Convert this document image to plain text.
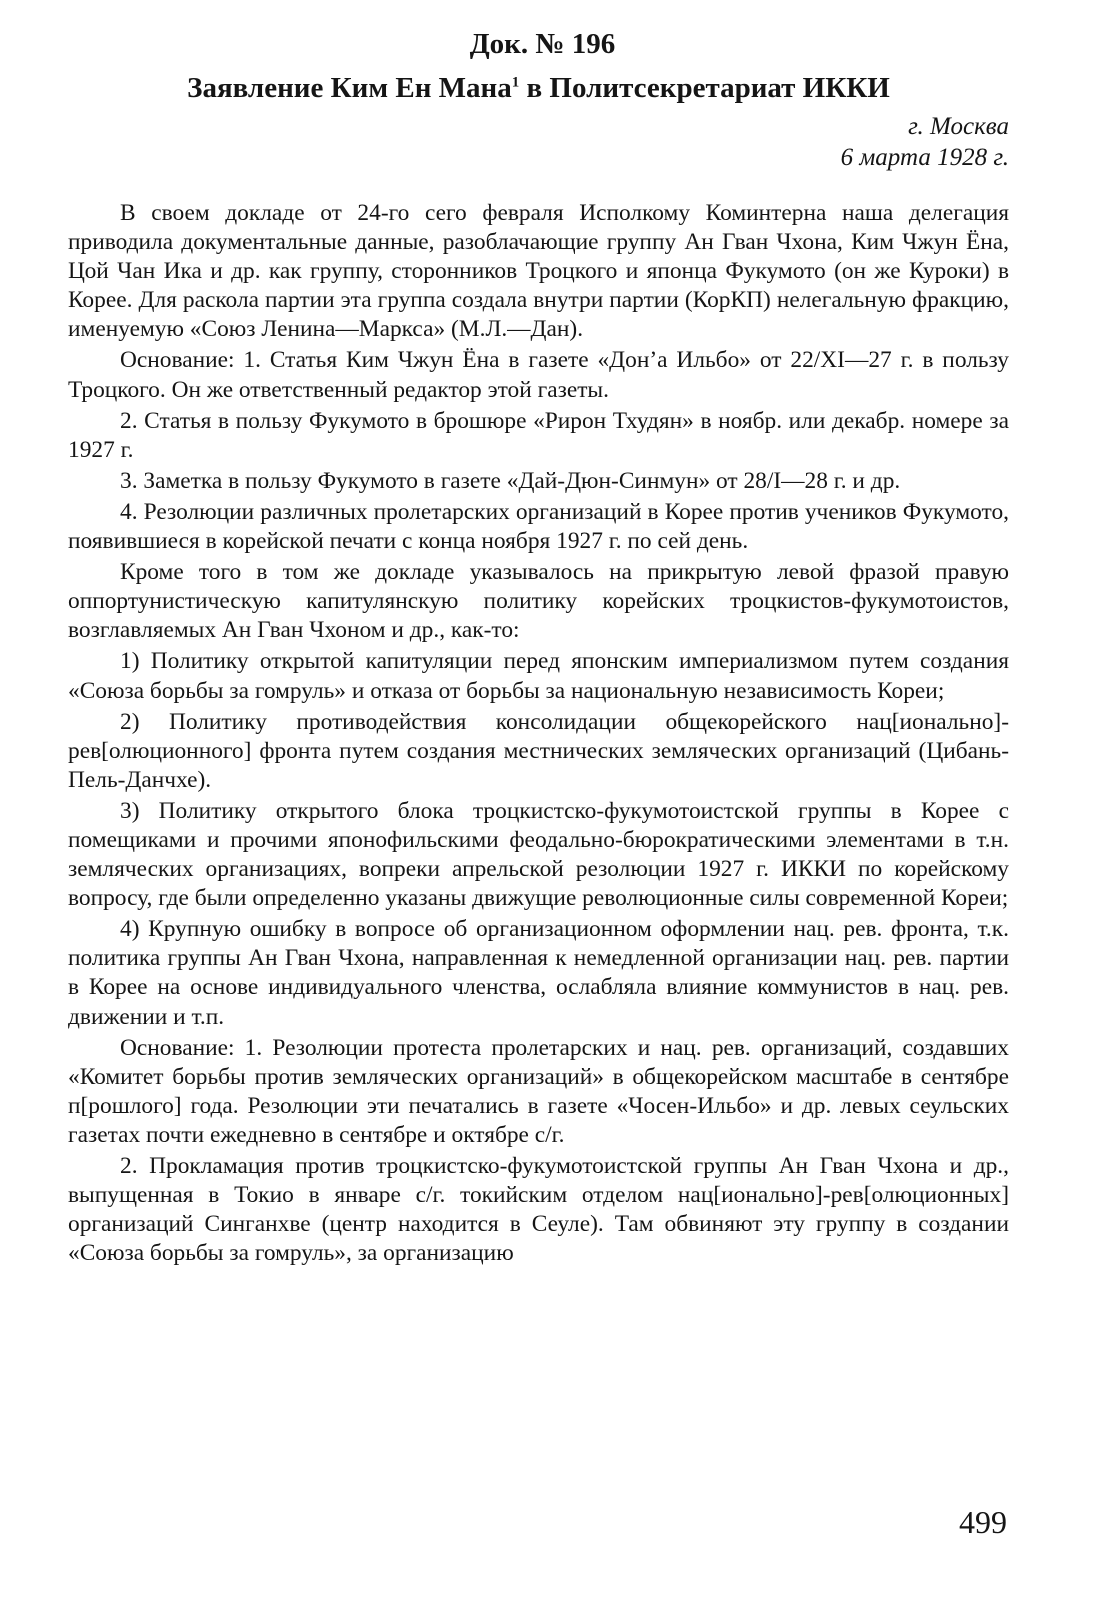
Док. № 196
Заявление Ким Ен Мана$^1$ в Политсекретариат ИККИ
г. Москва
6 марта 1928 г.

В своем докладе от 24-го сего февраля Исполкому Коминтерна наша делегация приводила документальные данные, разоблачающие группу Ан Гван Чхона, Ким Чжун Ёна, Цой Чан Ика и др. как группу, сторонников Троцкого и японца Фукумото (он же Куроки) в Корее. Для раскола партии эта группа создала внутри партии (КорКП) нелегальную фракцию, именуемую «Союз Ленина—Маркса» (М.Л.—Дан).

Основание: 1. Статья Ким Чжун Ёна в газете «Дон’а Ильбо» от 22/XI—27 г. в пользу Троцкого. Он же ответственный редактор этой газеты.

2. Статья в пользу Фукумото в брошюре «Рирон Тхудян» в ноябр. или декабр. номере за 1927 г.

3. Заметка в пользу Фукумото в газете «Дай-Дюн-Синмун» от 28/I—28 г. и др.

4. Резолюции различных пролетарских организаций в Корее против учеников Фукумото, появившиеся в корейской печати с конца ноября 1927 г. по сей день.

Кроме того в том же докладе указывалось на прикрытую левой фразой правую оппортунистическую капитулянскую политику корейских троцкистов-фукумотоистов, возглавляемых Ан Гван Чхоном и др., как-то:

1) Политику открытой капитуляции перед японским империализмом путем создания «Союза борьбы за гомруль» и отказа от борьбы за национальную независимость Кореи;

2) Политику противодействия консолидации общекорейского нац[ионально]-рев[олюционного] фронта путем создания местнических земляческих организаций (Цибань-Пель-Данчхе).

3) Политику открытого блока троцкистско-фукумотоистской группы в Корее с помещиками и прочими японофильскими феодально-бюрократическими элементами в т.н. земляческих организациях, вопреки апрельской резолюции 1927 г. ИККИ по корейскому вопросу, где были определенно указаны движущие революционные силы современной Кореи;

4) Крупную ошибку в вопросе об организационном оформлении нац. рев. фронта, т.к. политика группы Ан Гван Чхона, направленная к немедленной организации нац. рев. партии в Корее на основе индивидуального членства, ослабляла влияние коммунистов в нац. рев. движении и т.п.

Основание: 1. Резолюции протеста пролетарских и нац. рев. организаций, создавших «Комитет борьбы против земляческих организаций» в общекорейском масштабе в сентябре п[рошлого] года. Резолюции эти печатались в газете «Чосен-Ильбо» и др. левых сеульских газетах почти ежедневно в сентябре и октябре с/г.

2. Прокламация против троцкистско-фукумотоистской группы Ан Гван Чхона и др., выпущенная в Токио в январе с/г. токийским отделом нац[ионально]-рев[олюционных] организаций Синганхве (центр находится в Сеуле). Там обвиняют эту группу в создании «Союза борьбы за гомруль», за организацию

499
